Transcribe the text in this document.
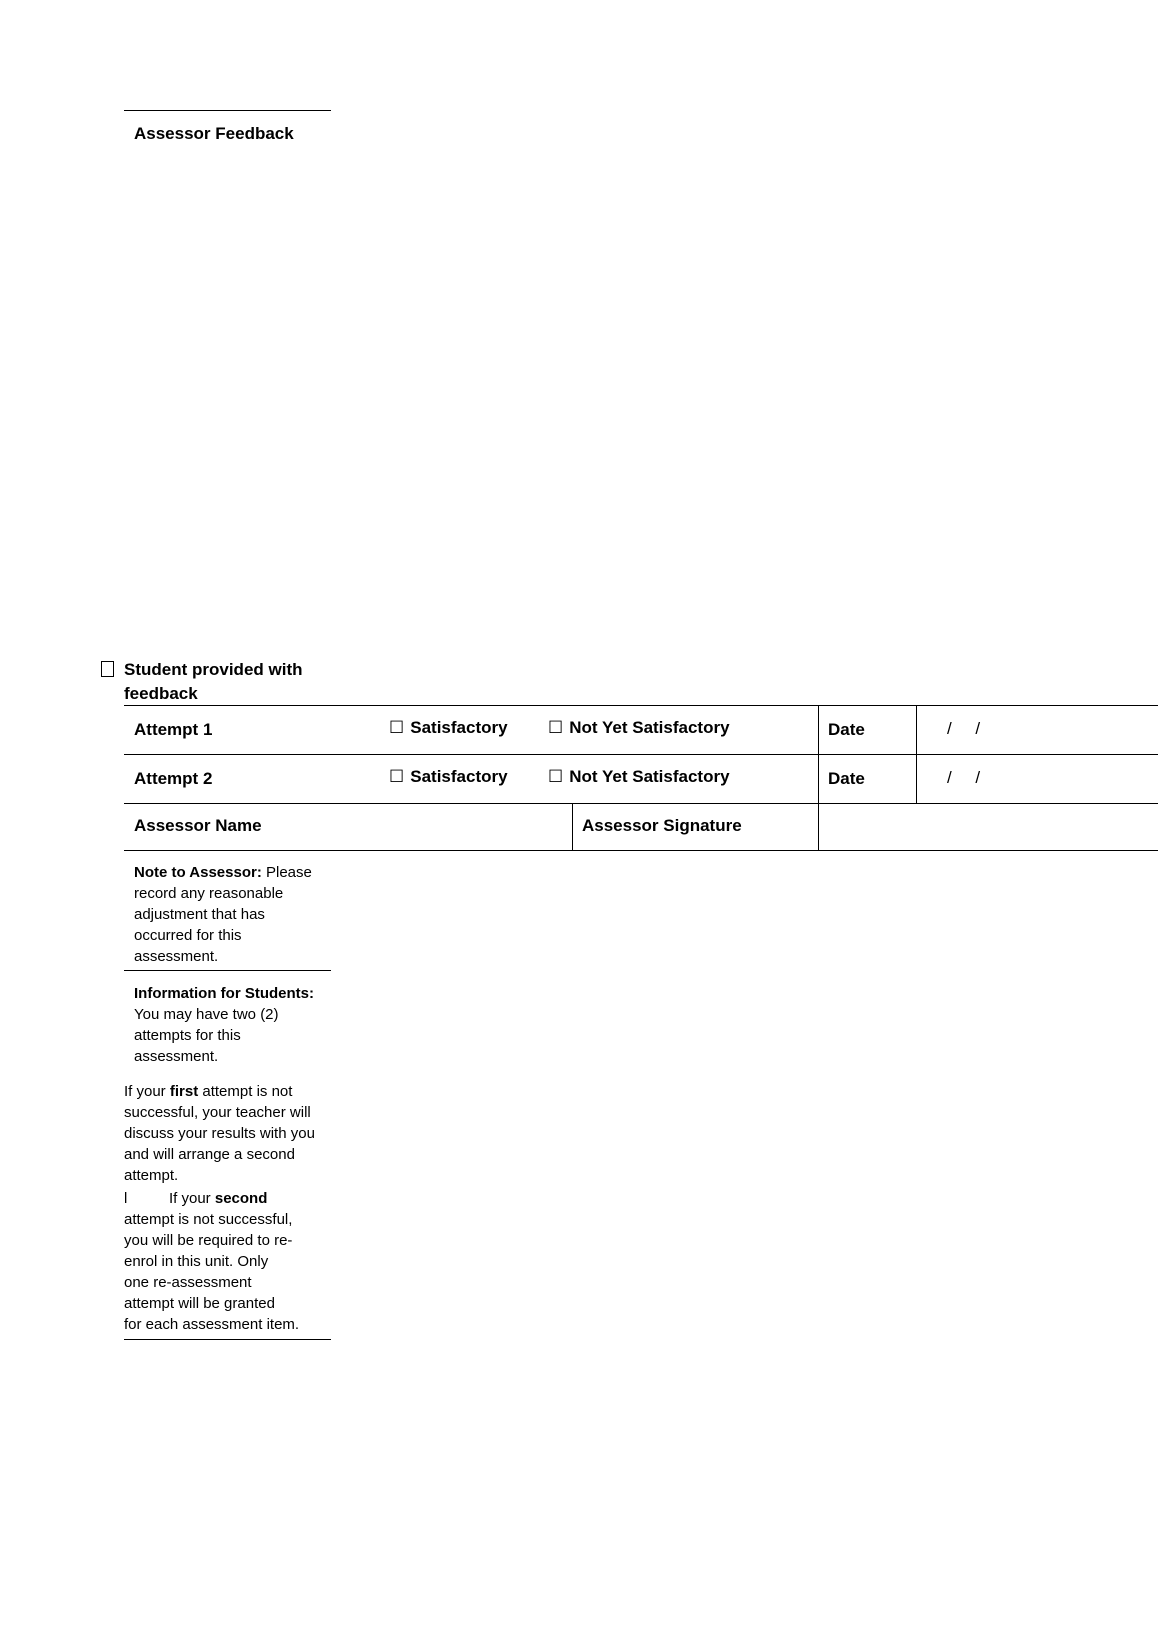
Assessor Feedback
Student provided with
feedback
Attempt 1	☐ Satisfactory ☐ Not Yet Satisfactory	Date	/     /
Attempt 2	☐ Satisfactory ☐ Not Yet Satisfactory	Date	/     /
Assessor Name	Assessor Signature
Note to Assessor: Please
record any reasonable
adjustment that has
occurred for this
assessment.
Information for Students:
You may have two (2)
attempts for this
assessment.
If your first attempt is not
successful, your teacher will
discuss your results with you
and will arrange a second
attempt.
l	If your second
attempt is not successful,
you will be required to re-
enrol in this unit. Only
one re-assessment
attempt will be granted
for each assessment item.
